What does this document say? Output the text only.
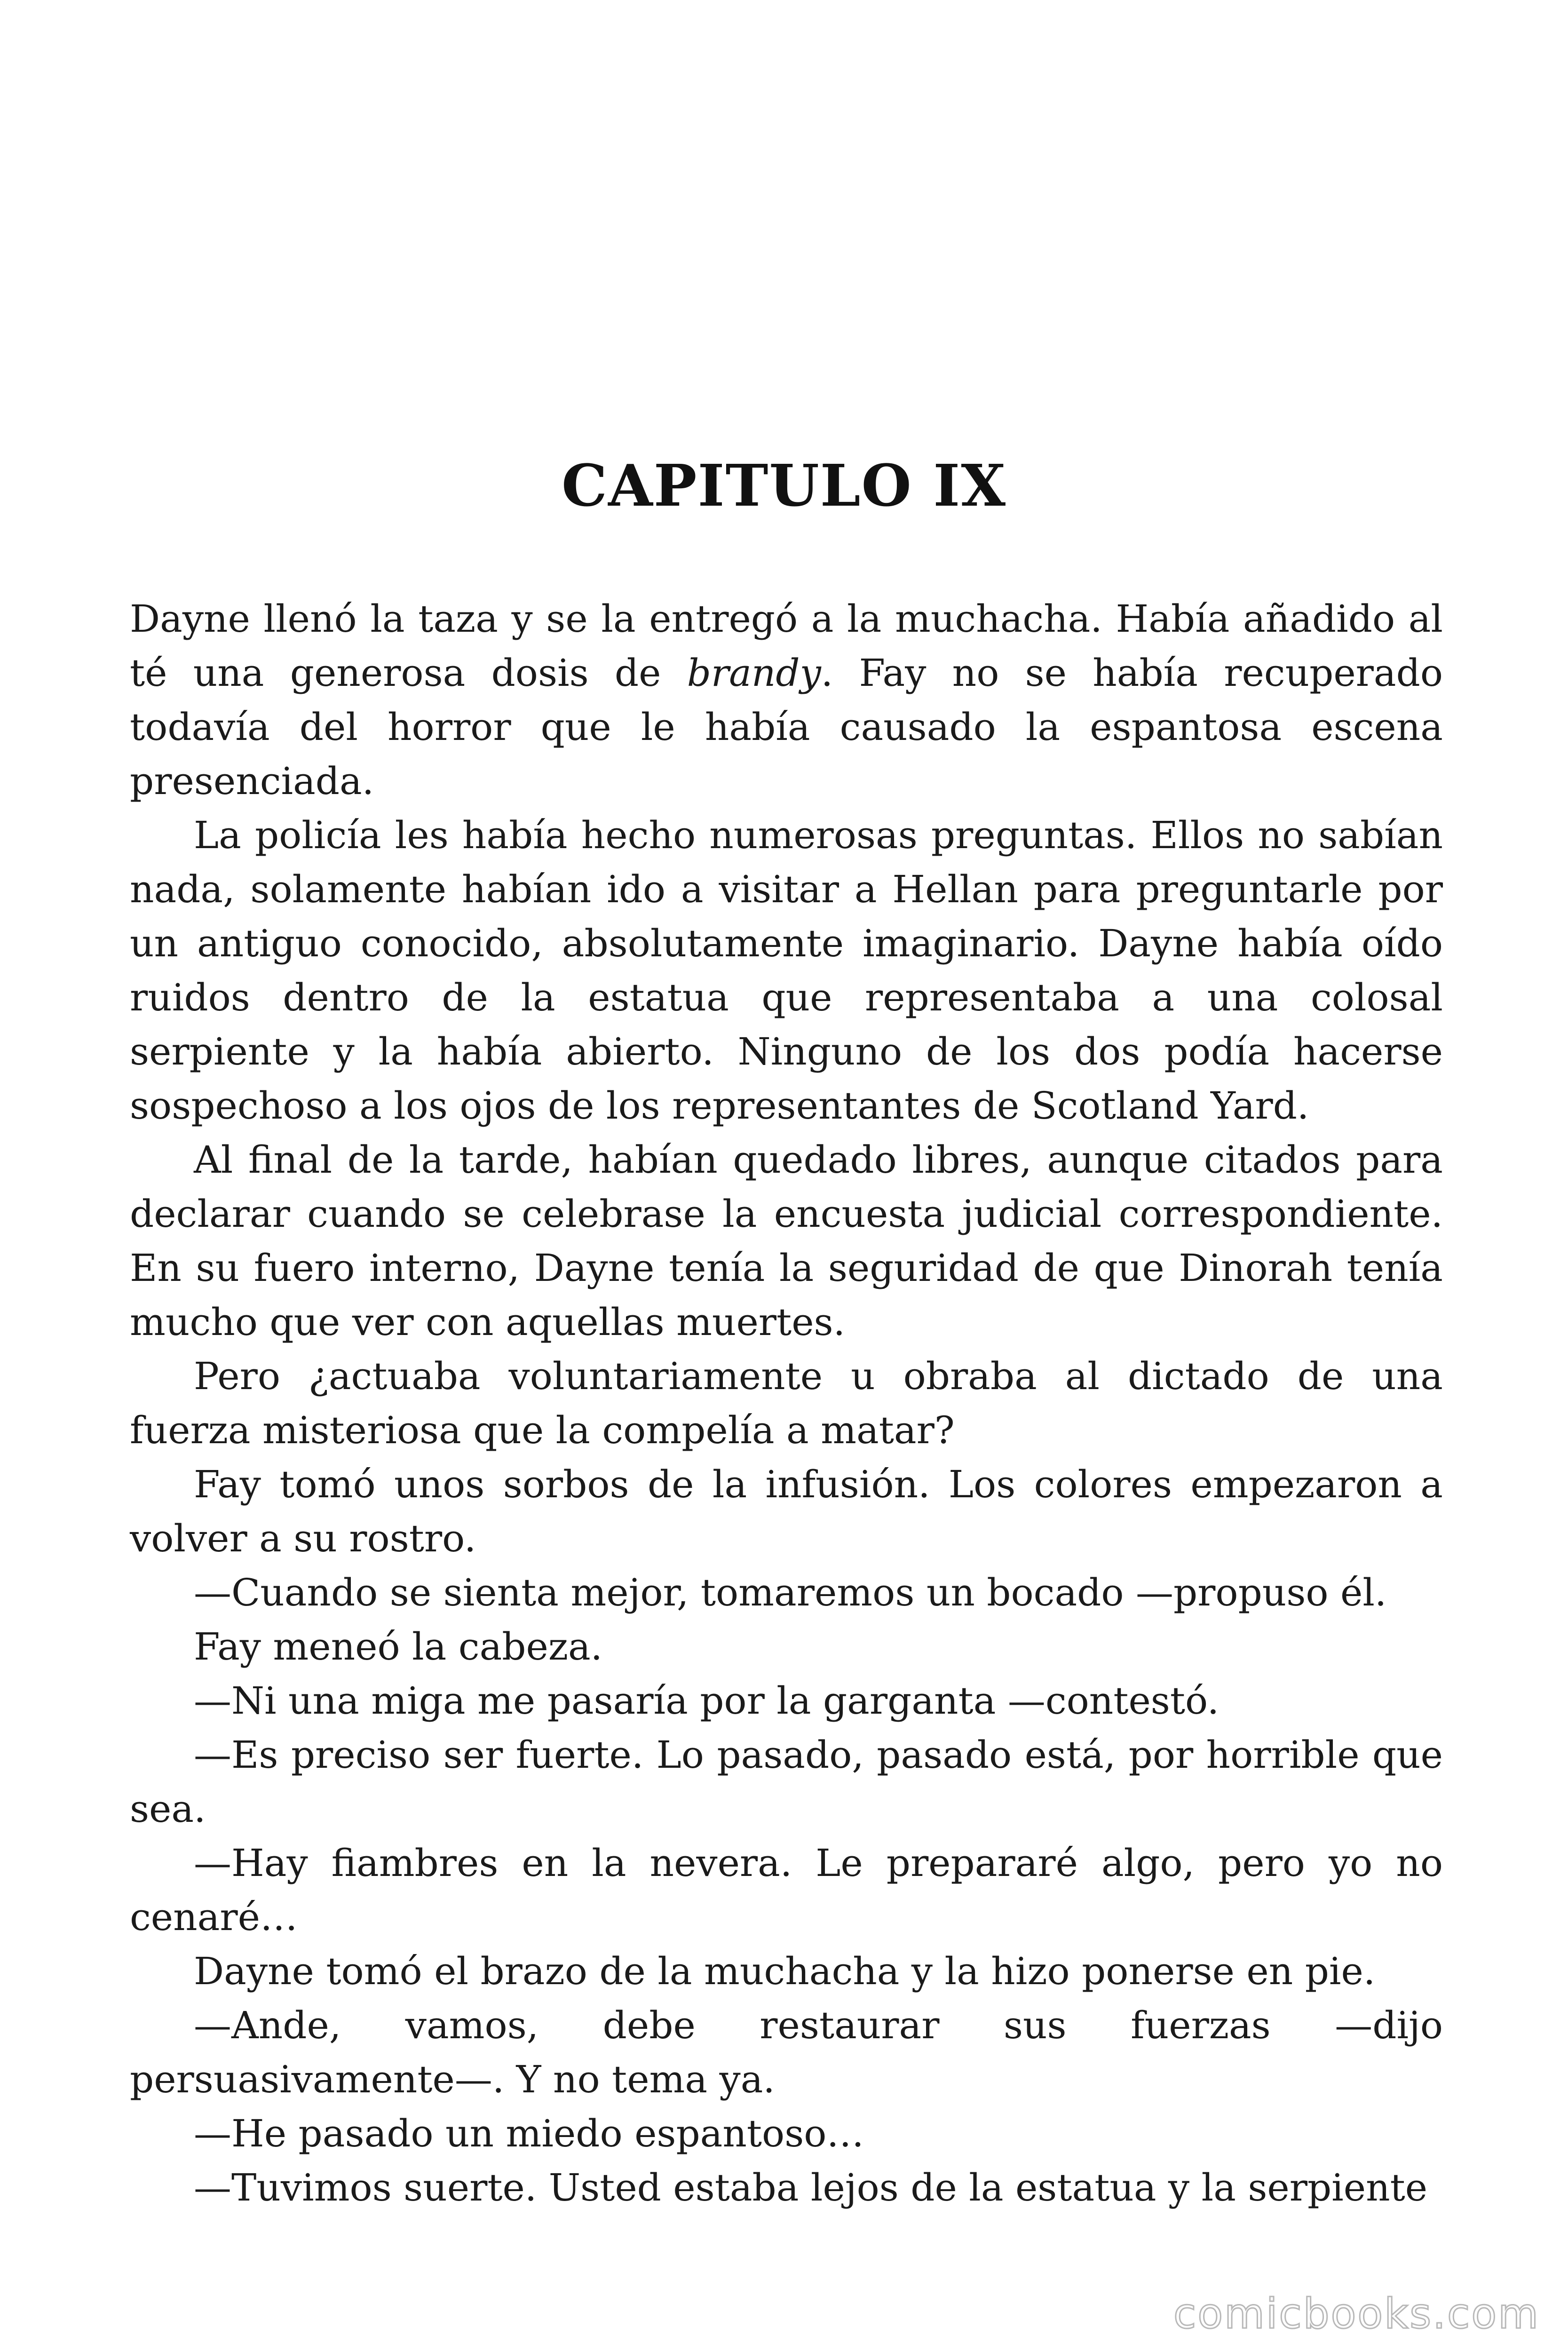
CAPITULO IX

Dayne llenó la taza y se la entregó a la muchacha. Había añadido al té una generosa dosis de brandy. Fay no se había recuperado todavía del horror que le había causado la espantosa escena presenciada.

La policía les había hecho numerosas preguntas. Ellos no sabían nada, solamente habían ido a visitar a Hellan para preguntarle por un antiguo conocido, absolutamente imaginario. Dayne había oído ruidos dentro de la estatua que representaba a una colosal serpiente y la había abierto. Ninguno de los dos podía hacerse sospechoso a los ojos de los representantes de Scotland Yard.

Al final de la tarde, habían quedado libres, aunque citados para declarar cuando se celebrase la encuesta judicial correspondiente. En su fuero interno, Dayne tenía la seguridad de que Dinorah tenía mucho que ver con aquellas muertes.

Pero ¿actuaba voluntariamente u obraba al dictado de una fuerza misteriosa que la compelía a matar?

Fay tomó unos sorbos de la infusión. Los colores empezaron a volver a su rostro.

—Cuando se sienta mejor, tomaremos un bocado —propuso él.

Fay meneó la cabeza.

—Ni una miga me pasaría por la garganta —contestó.

—Es preciso ser fuerte. Lo pasado, pasado está, por horrible que sea.

—Hay fiambres en la nevera. Le prepararé algo, pero yo no cenaré…

Dayne tomó el brazo de la muchacha y la hizo ponerse en pie.

—Ande, vamos, debe restaurar sus fuerzas —dijo persuasivamente—. Y no tema ya.

—He pasado un miedo espantoso…

—Tuvimos suerte. Usted estaba lejos de la estatua y la serpiente

comicbooks.com
